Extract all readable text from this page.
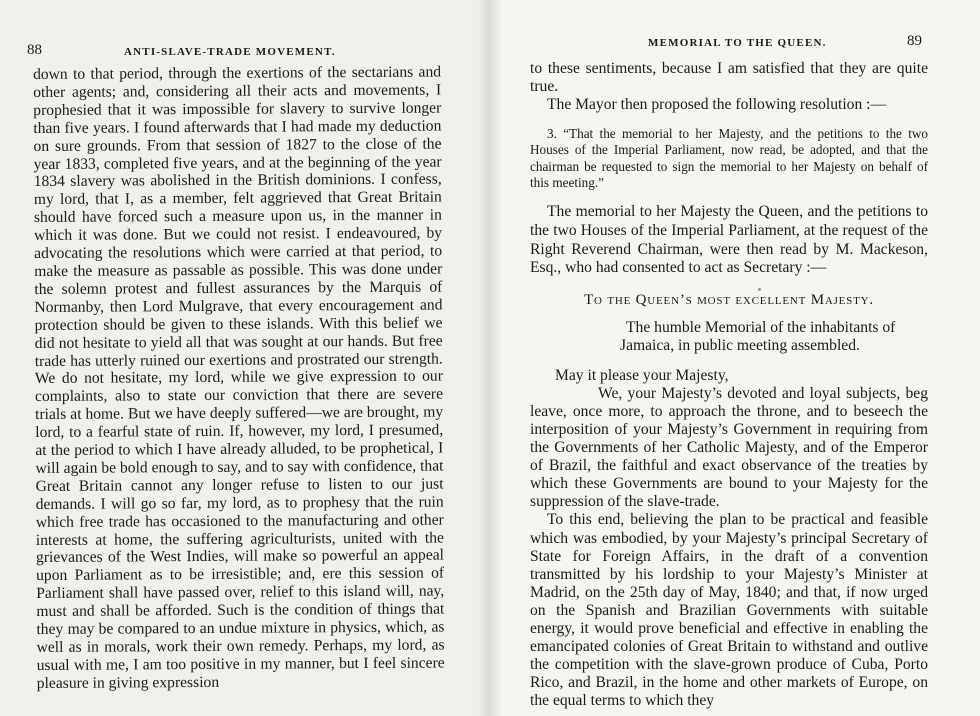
88	ANTI-SLAVE-TRADE MOVEMENT.

down to that period, through the exertions of the sectarians and other agents; and, considering all their acts and movements, I prophesied that it was impossible for slavery to survive longer than five years. I found afterwards that I had made my deduction on sure grounds. From that session of 1827 to the close of the year 1833, completed five years, and at the beginning of the year 1834 slavery was abolished in the British dominions. I confess, my lord, that I, as a member, felt aggrieved that Great Britain should have forced such a measure upon us, in the manner in which it was done. But we could not resist. I endeavoured, by advocating the resolutions which were carried at that period, to make the measure as passable as possible. This was done under the solemn protest and fullest assurances by the Marquis of Normanby, then Lord Mulgrave, that every encouragement and protection should be given to these islands. With this belief we did not hesitate to yield all that was sought at our hands. But free trade has utterly ruined our exertions and prostrated our strength. We do not hesitate, my lord, while we give expression to our complaints, also to state our conviction that there are severe trials at home. But we have deeply suffered—we are brought, my lord, to a fearful state of ruin. If, however, my lord, I presumed, at the period to which I have already alluded, to be prophetical, I will again be bold enough to say, and to say with confidence, that Great Britain cannot any longer refuse to listen to our just demands. I will go so far, my lord, as to prophesy that the ruin which free trade has occasioned to the manufacturing and other interests at home, the suffering agriculturists, united with the grievances of the West Indies, will make so powerful an appeal upon Parliament as to be irresistible; and, ere this session of Parliament shall have passed over, relief to this island will, nay, must and shall be afforded. Such is the condition of things that they may be compared to an undue mixture in physics, which, as well as in morals, work their own remedy. Perhaps, my lord, as usual with me, I am too positive in my manner, but I feel sincere pleasure in giving expression

MEMORIAL TO THE QUEEN.	89

to these sentiments, because I am satisfied that they are quite true.

The Mayor then proposed the following resolution :—

3. “That the memorial to her Majesty, and the petitions to the two Houses of the Imperial Parliament, now read, be adopted, and that the chairman be requested to sign the memorial to her Majesty on behalf of this meeting.”

The memorial to her Majesty the Queen, and the petitions to the two Houses of the Imperial Parliament, at the request of the Right Reverend Chairman, were then read by M. Mackeson, Esq., who had consented to act as Secretary :—

To the Queen’s most excellent Majesty.

The humble Memorial of the inhabitants of Jamaica, in public meeting assembled.

May it please your Majesty,

We, your Majesty’s devoted and loyal subjects, beg leave, once more, to approach the throne, and to beseech the interposition of your Majesty’s Government in requiring from the Governments of her Catholic Majesty, and of the Emperor of Brazil, the faithful and exact observance of the treaties by which these Governments are bound to your Majesty for the suppression of the slave-trade.

To this end, believing the plan to be practical and feasible which was embodied, by your Majesty’s principal Secretary of State for Foreign Affairs, in the draft of a convention transmitted by his lordship to your Majesty’s Minister at Madrid, on the 25th day of May, 1840; and that, if now urged on the Spanish and Brazilian Governments with suitable energy, it would prove beneficial and effective in enabling the emancipated colonies of Great Britain to withstand and outlive the competition with the slave-grown produce of Cuba, Porto Rico, and Brazil, in the home and other markets of Europe, on the equal terms to which they
